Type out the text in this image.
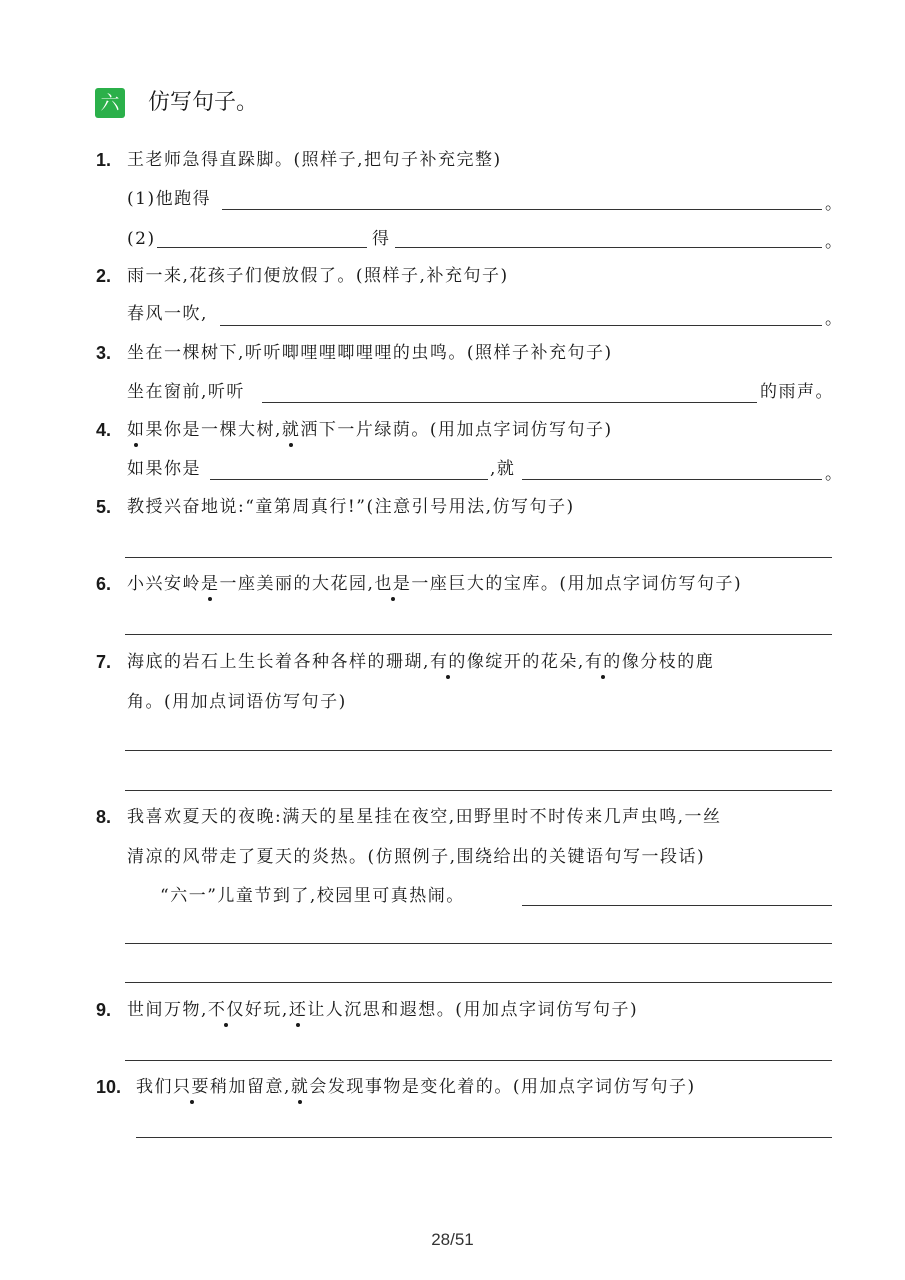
六 仿写句子。
1. 王老师急得直跺脚。(照样子,把句子补充完整)
(1)他跑得	。
(2)	得	。
2. 雨一来,花孩子们便放假了。(照样子,补充句子)
春风一吹,	。
3. 坐在一棵树下,听听唧哩哩唧哩哩的虫鸣。(照样子补充句子)
坐在窗前,听听	的雨声。
4. 如果你是一棵大树,就洒下一片绿荫。(用加点字词仿写句子)
如果你是	,就	。
5. 教授兴奋地说:“童第周真行!”(注意引号用法,仿写句子)
6. 小兴安岭是一座美丽的大花园,也是一座巨大的宝库。(用加点字词仿写句子)
7. 海底的岩石上生长着各种各样的珊瑚,有的像绽开的花朵,有的像分枝的鹿
角。(用加点词语仿写句子)
8. 我喜欢夏天的夜晚:满天的星星挂在夜空,田野里时不时传来几声虫鸣,一丝
清凉的风带走了夏天的炎热。(仿照例子,围绕给出的关键语句写一段话)
“六一”儿童节到了,校园里可真热闹。
9. 世间万物,不仅好玩,还让人沉思和遐想。(用加点字词仿写句子)
10. 我们只要稍加留意,就会发现事物是变化着的。(用加点字词仿写句子)
28/51
